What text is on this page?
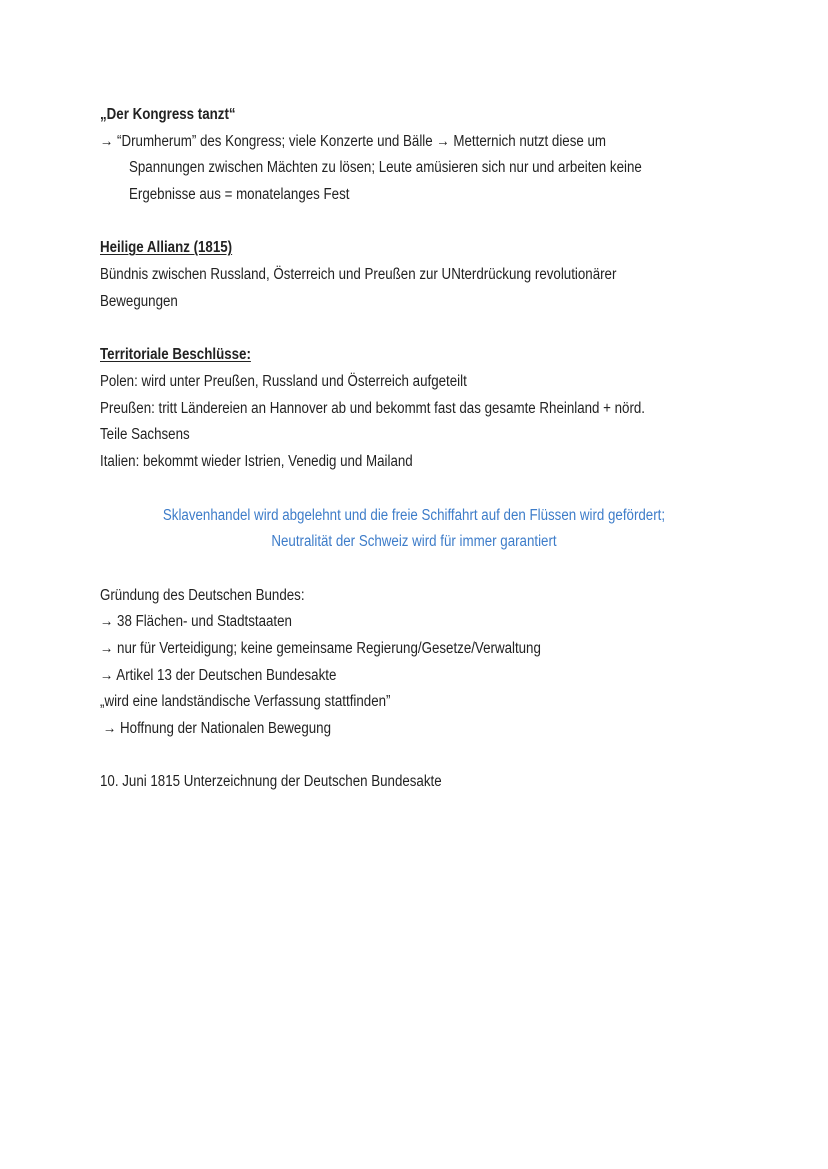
„Der Kongress tanzt“
→ “Drumherum” des Kongress; viele Konzerte und Bälle → Metternich nutzt diese um
Spannungen zwischen Mächten zu lösen; Leute amüsieren sich nur und arbeiten keine
Ergebnisse aus = monatelanges Fest
Heilige Allianz (1815)
Bündnis zwischen Russland, Österreich und Preußen zur UNterdrückung revolutionärer
Bewegungen
Territoriale Beschlüsse:
Polen: wird unter Preußen, Russland und Österreich aufgeteilt
Preußen: tritt Ländereien an Hannover ab und bekommt fast das gesamte Rheinland + nörd.
Teile Sachsens
Italien: bekommt wieder Istrien, Venedig und Mailand
Sklavenhandel wird abgelehnt und die freie Schiffahrt auf den Flüssen wird gefördert;
Neutralität der Schweiz wird für immer garantiert
Gründung des Deutschen Bundes:
→ 38 Flächen- und Stadtstaaten
→ nur für Verteidigung; keine gemeinsame Regierung/Gesetze/Verwaltung
→ Artikel 13 der Deutschen Bundesakte
„wird eine landständische Verfassung stattfinden”
→ Hoffnung der Nationalen Bewegung
10. Juni 1815 Unterzeichnung der Deutschen Bundesakte
